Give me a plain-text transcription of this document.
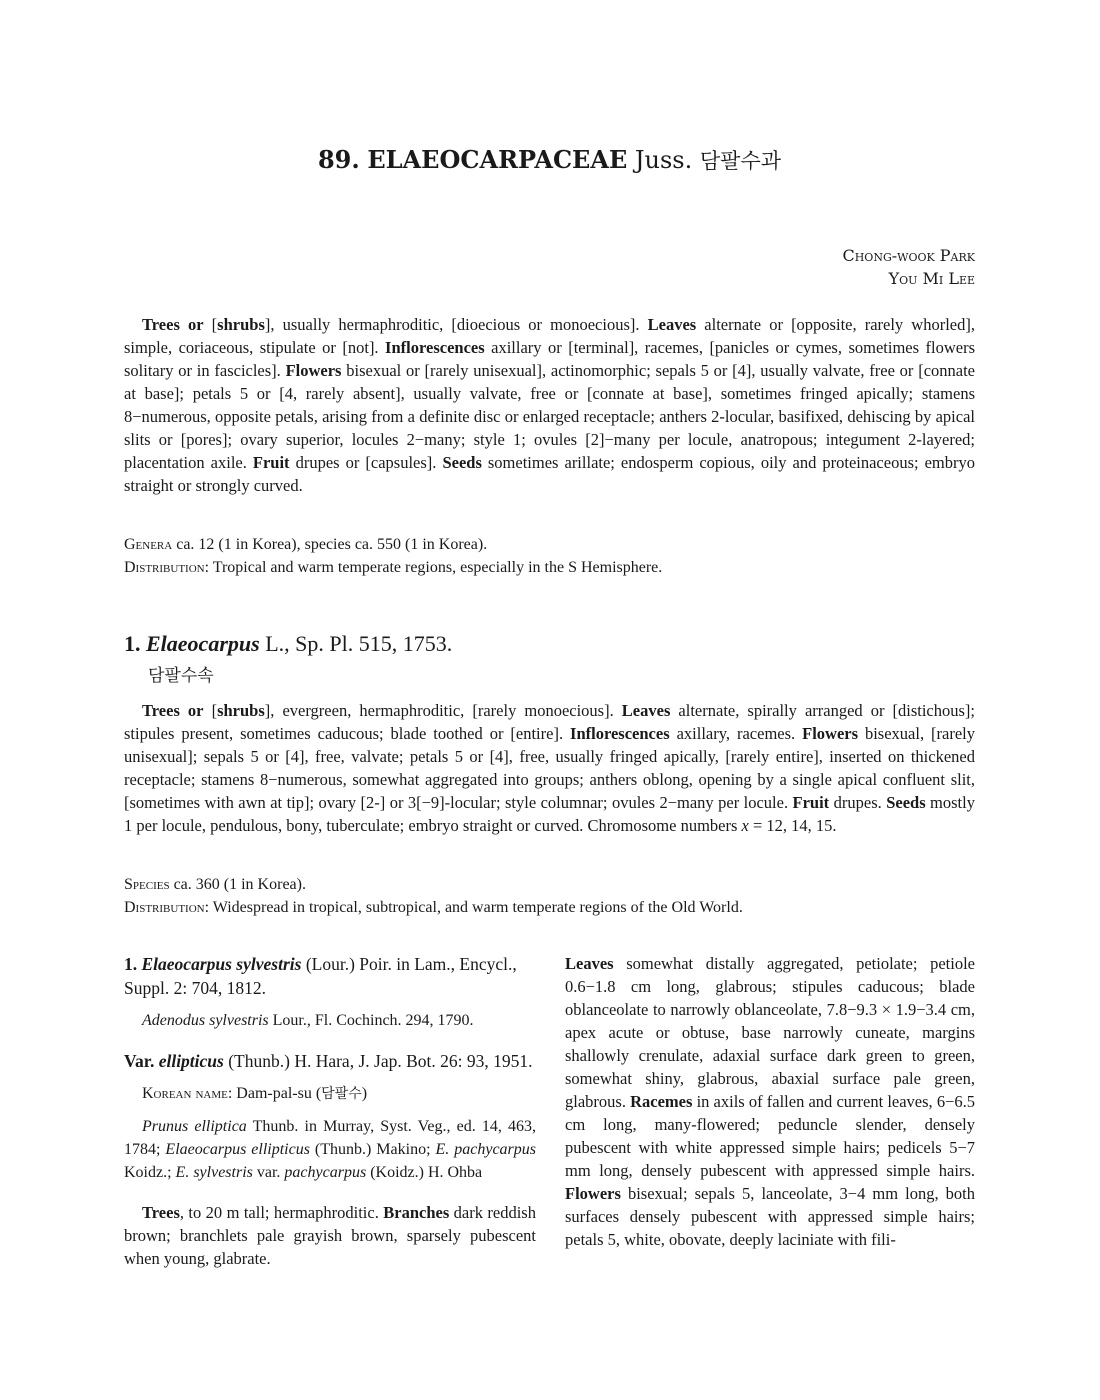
89. ELAEOCARPACEAE Juss. 담팔수과
Chong-wook Park
You Mi Lee

Trees or [shrubs], usually hermaphroditic, [dioecious or monoecious]. Leaves alternate or [opposite, rarely whorled], simple, coriaceous, stipulate or [not]. Inflorescences axillary or [terminal], racemes, [panicles or cymes, sometimes flowers solitary or in fascicles]. Flowers bisexual or [rarely unisexual], actinomorphic; sepals 5 or [4], usually valvate, free or [connate at base]; petals 5 or [4, rarely absent], usually valvate, free or [connate at base], sometimes fringed apically; stamens 8−numerous, opposite petals, arising from a definite disc or enlarged receptacle; anthers 2-locular, basifixed, dehiscing by apical slits or [pores]; ovary superior, locules 2−many; style 1; ovules [2]−many per locule, anatropous; integument 2-layered; placentation axile. Fruit drupes or [capsules]. Seeds sometimes arillate; endosperm copious, oily and proteinaceous; embryo straight or strongly curved.

Genera ca. 12 (1 in Korea), species ca. 550 (1 in Korea).
Distribution: Tropical and warm temperate regions, especially in the S Hemisphere.
1. Elaeocarpus L., Sp. Pl. 515, 1753.
담팔수속

Trees or [shrubs], evergreen, hermaphroditic, [rarely monoecious]. Leaves alternate, spirally arranged or [distichous]; stipules present, sometimes caducous; blade toothed or [entire]. Inflorescences axillary, racemes. Flowers bisexual, [rarely unisexual]; sepals 5 or [4], free, valvate; petals 5 or [4], free, usually fringed apically, [rarely entire], inserted on thickened receptacle; stamens 8−numerous, somewhat aggregated into groups; anthers oblong, opening by a single apical confluent slit, [sometimes with awn at tip]; ovary [2-] or 3[−9]-locular; style columnar; ovules 2−many per locule. Fruit drupes. Seeds mostly 1 per locule, pendulous, bony, tuberculate; embryo straight or curved. Chromosome numbers x = 12, 14, 15.

Species ca. 360 (1 in Korea).
Distribution: Widespread in tropical, subtropical, and warm temperate regions of the Old World.

1. Elaeocarpus sylvestris (Lour.) Poir. in Lam., Encycl., Suppl. 2: 704, 1812.

Adenodus sylvestris Lour., Fl. Cochinch. 294, 1790.

Var. ellipticus (Thunb.) H. Hara, J. Jap. Bot. 26: 93, 1951.

Korean name: Dam-pal-su (담팔수)

Prunus elliptica Thunb. in Murray, Syst. Veg., ed. 14, 463, 1784; Elaeocarpus ellipticus (Thunb.) Makino; E. pachycarpus Koidz.; E. sylvestris var. pachycarpus (Koidz.) H. Ohba

Trees, to 20 m tall; hermaphroditic. Branches dark reddish brown; branchlets pale grayish brown, sparsely pubescent when young, glabrate.

Leaves somewhat distally aggregated, petiolate; petiole 0.6−1.8 cm long, glabrous; stipules caducous; blade oblanceolate to narrowly oblanceolate, 7.8−9.3 × 1.9−3.4 cm, apex acute or obtuse, base narrowly cuneate, margins shallowly crenulate, adaxial surface dark green to green, somewhat shiny, glabrous, abaxial surface pale green, glabrous. Racemes in axils of fallen and current leaves, 6−6.5 cm long, many-flowered; peduncle slender, densely pubescent with white appressed simple hairs; pedicels 5−7 mm long, densely pubescent with appressed simple hairs. Flowers bisexual; sepals 5, lanceolate, 3−4 mm long, both surfaces densely pubescent with appressed simple hairs; petals 5, white, obovate, deeply laciniate with fili-
